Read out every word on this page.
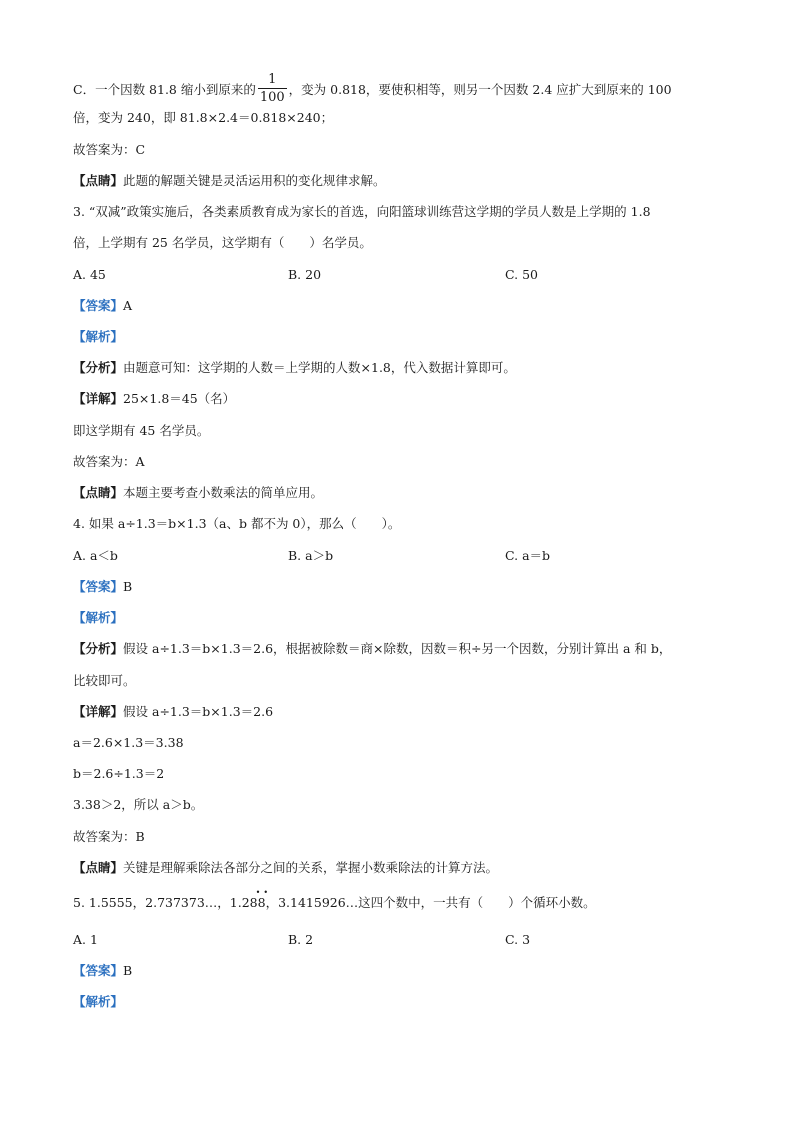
C．一个因数 81.8 缩小到原来的 $\frac{1}{100}$ ，变为 0.818，要使积相等，则另一个因数 2.4 应扩大到原来的 100
倍，变为 240，即 81.8×2.4＝0.818×240；
故答案为：C
【点睛】此题的解题关键是灵活运用积的变化规律求解。
3. “双减”政策实施后，各类素质教育成为家长的首选，向阳篮球训练营这学期的学员人数是上学期的 1.8
倍，上学期有 25 名学员，这学期有（　　）名学员。
A. 45	B. 20	C. 50
【答案】A
【解析】
【分析】由题意可知：这学期的人数＝上学期的人数×1.8，代入数据计算即可。
【详解】25×1.8＝45（名）
即这学期有 45 名学员。
故答案为：A
【点睛】本题主要考查小数乘法的简单应用。
4. 如果 a÷1.3＝b×1.3（a、b 都不为 0），那么（　　）。
A. a＜b	B. a＞b	C. a＝b
【答案】B
【解析】
【分析】假设 a÷1.3＝b×1.3＝2.6，根据被除数＝商×除数，因数＝积÷另一个因数，分别计算出 a 和 b，
比较即可。
【详解】假设 a÷1.3＝b×1.3＝2.6
a＝2.6×1.3＝3.38
b＝2.6÷1.3＝2
3.38＞2，所以 a＞b。
故答案为：B
【点睛】关键是理解乘除法各部分之间的关系，掌握小数乘除法的计算方法。
5. 1.5555，2.737373…，1.2
••
88，3.1415926…这四个数中，一共有（　　）个循环小数。
A. 1	B. 2	C. 3
【答案】B
【解析】
